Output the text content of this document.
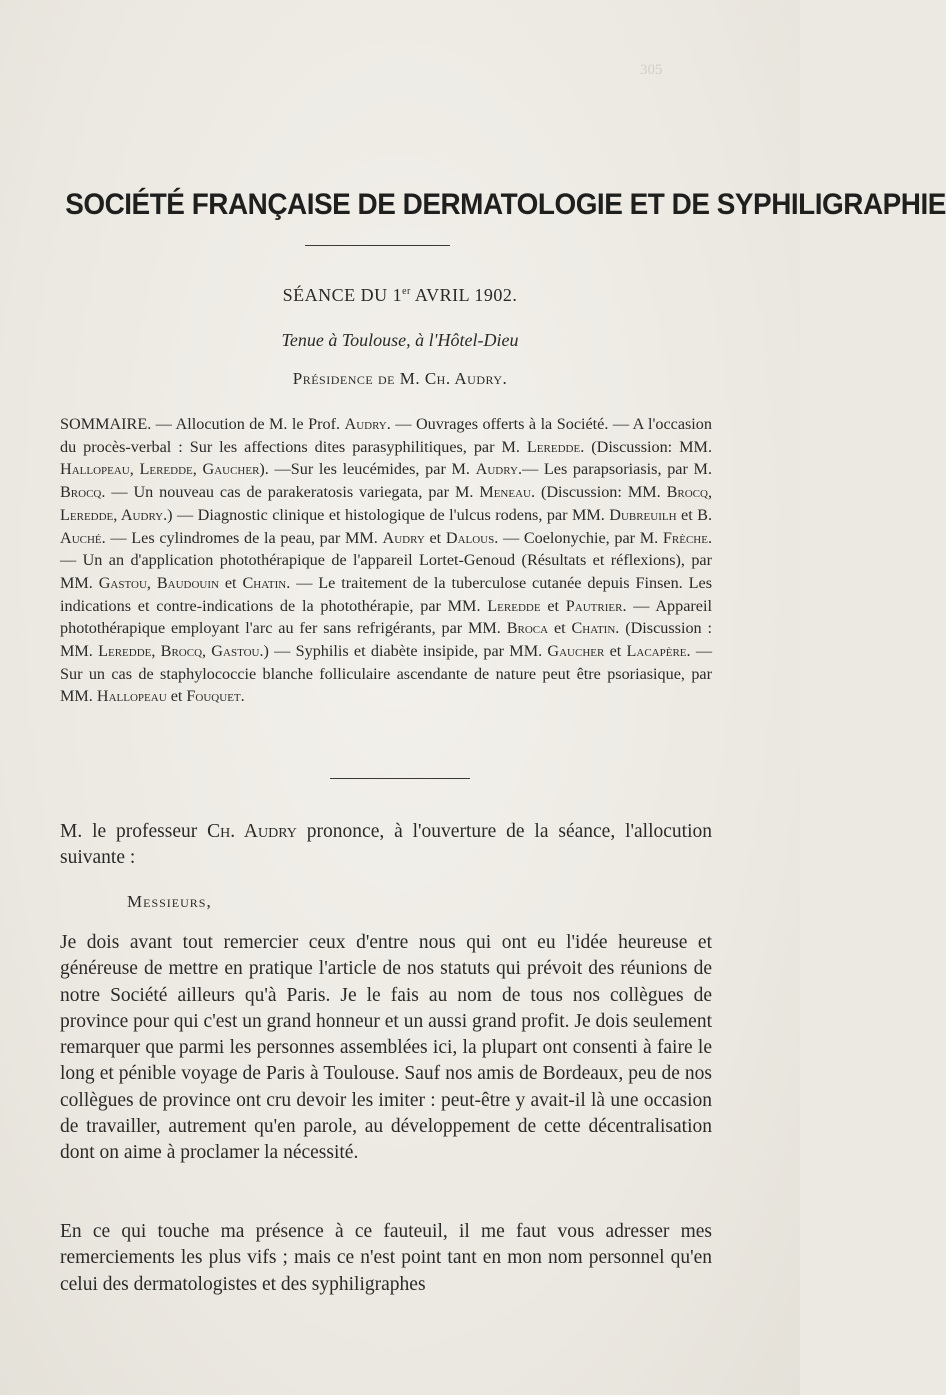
305
SOCIÉTÉ FRANÇAISE DE DERMATOLOGIE ET DE SYPHILIGRAPHIE
SÉANCE DU 1er AVRIL 1902.
Tenue à Toulouse, à l'Hôtel-Dieu
Présidence de M. Ch. Audry.
SOMMAIRE. — Allocution de M. le Prof. Audry. — Ouvrages offerts à la Société. — A l'occasion du procès-verbal : Sur les affections dites parasyphilitiques, par M. Leredde. (Discussion: MM. Hallopeau, Leredde, Gaucher). —Sur les leucémides, par M. Audry.— Les parapsoriasis, par M. Brocq. — Un nouveau cas de parakeratosis variegata, par M. Meneau. (Discussion: MM. Brocq, Leredde, Audry.) — Diagnostic clinique et histologique de l'ulcus rodens, par MM. Dubreuilh et B. Auché. — Les cylindromes de la peau, par MM. Audry et Dalous. — Coelonychie, par M. Frèche. — Un an d'application photothérapique de l'appareil Lortet-Genoud (Résultats et réflexions), par MM. Gastou, Baudouin et Chatin. — Le traitement de la tuberculose cutanée depuis Finsen. Les indications et contre-indications de la photothérapie, par MM. Leredde et Pautrier. — Appareil photothérapique employant l'arc au fer sans refrigérants, par MM. Broca et Chatin. (Discussion : MM. Leredde, Brocq, Gastou.) — Syphilis et diabète insipide, par MM. Gaucher et Lacapère. — Sur un cas de staphylococcie blanche folliculaire ascendante de nature peut être psoriasique, par MM. Hallopeau et Fouquet.
M. le professeur Ch. Audry prononce, à l'ouverture de la séance, l'allocution suivante :
Messieurs,
Je dois avant tout remercier ceux d'entre nous qui ont eu l'idée heureuse et généreuse de mettre en pratique l'article de nos statuts qui prévoit des réunions de notre Société ailleurs qu'à Paris. Je le fais au nom de tous nos collègues de province pour qui c'est un grand honneur et un aussi grand profit. Je dois seulement remarquer que parmi les personnes assemblées ici, la plupart ont consenti à faire le long et pénible voyage de Paris à Toulouse. Sauf nos amis de Bordeaux, peu de nos collègues de province ont cru devoir les imiter : peut-être y avait-il là une occasion de travailler, autrement qu'en parole, au développement de cette décentralisation dont on aime à proclamer la nécessité.
En ce qui touche ma présence à ce fauteuil, il me faut vous adresser mes remerciements les plus vifs ; mais ce n'est point tant en mon nom personnel qu'en celui des dermatologistes et des syphiligraphes
